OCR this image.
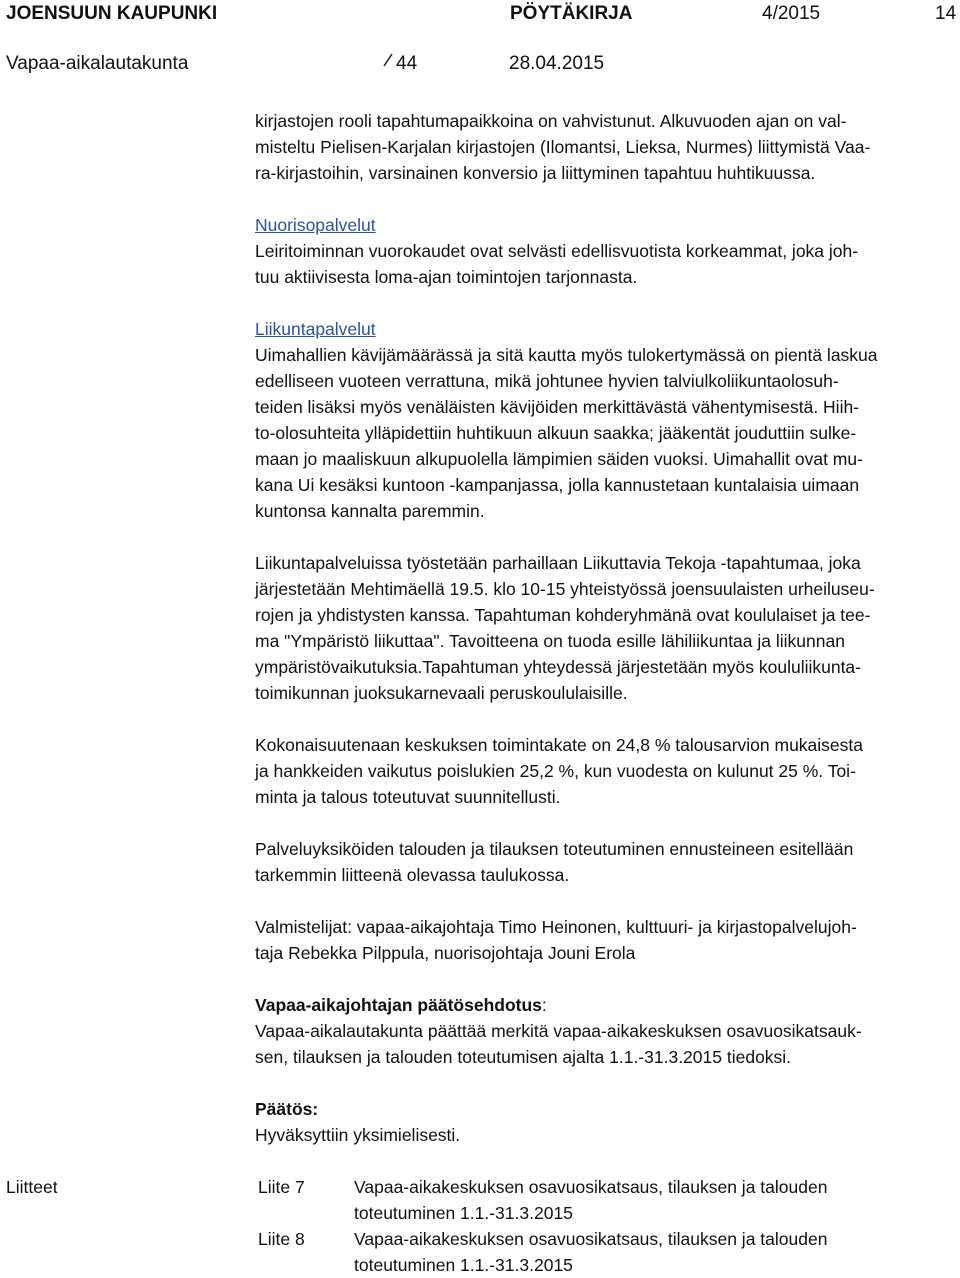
JOENSUUN KAUPUNKI	PÖYTÄKIRJA	4/2015	14
Vapaa-aikalautakunta	44	28.04.2015

kirjastojen rooli tapahtumapaikkoina on vahvistunut. Alkuvuoden ajan on val-
misteltu Pielisen-Karjalan kirjastojen (Ilomantsi, Lieksa, Nurmes) liittymistä Vaa-
ra-kirjastoihin, varsinainen konversio ja liittyminen tapahtuu huhtikuussa.

Nuorisopalvelut
Leiritoiminnan vuorokaudet ovat selvästi edellisvuotista korkeammat, joka joh-
tuu aktiivisesta loma-ajan toimintojen tarjonnasta.

Liikuntapalvelut
Uimahallien kävijämäärässä ja sitä kautta myös tulokertymässä on pientä laskua
edelliseen vuoteen verrattuna, mikä johtunee hyvien talviulkoliikuntaolosuh-
teiden lisäksi myös venäläisten kävijöiden merkittävästä vähentymisestä. Hiih-
to-olosuhteita ylläpidettiin huhtikuun alkuun saakka; jääkentät jouduttiin sulke-
maan jo maaliskuun alkupuolella lämpimien säiden vuoksi. Uimahallit ovat mu-
kana Ui kesäksi kuntoon -kampanjassa, jolla kannustetaan kuntalaisia uimaan
kuntonsa kannalta paremmin.

Liikuntapalveluissa työstetään parhaillaan Liikuttavia Tekoja -tapahtumaa, joka
järjestetään Mehtimäellä 19.5. klo 10-15 yhteistyössä joensuulaisten urheiluseu-
rojen ja yhdistysten kanssa. Tapahtuman kohderyhmänä ovat koululaiset ja tee-
ma "Ympäristö liikuttaa". Tavoitteena on tuoda esille lähiliikuntaa ja liikunnan
ympäristövaikutuksia.Tapahtuman yhteydessä järjestetään myös koululiikunta-
toimikunnan juoksukarnevaali peruskoululaisille.

Kokonaisuutenaan keskuksen toimintakate on 24,8 % talousarvion mukaisesta
ja hankkeiden vaikutus poislukien 25,2 %, kun vuodesta on kulunut 25 %. Toi-
minta ja talous toteutuvat suunnitellusti.

Palveluyksiköiden talouden ja tilauksen toteutuminen ennusteineen esitellään
tarkemmin liitteenä olevassa taulukossa.

Valmistelijat: vapaa-aikajohtaja Timo Heinonen, kulttuuri- ja kirjastopalvelujoh-
taja Rebekka Pilppula, nuorisojohtaja Jouni Erola

Vapaa-aikajohtajan päätösehdotus:
Vapaa-aikalautakunta päättää merkitä vapaa-aikakeskuksen osavuosikatsauk-
sen, tilauksen ja talouden toteutumisen ajalta 1.1.-31.3.2015 tiedoksi.

Päätös:
Hyväksyttiin yksimielisesti.

Liitteet	Liite 7	Vapaa-aikakeskuksen osavuosikatsaus, tilauksen ja talouden
toteutuminen 1.1.-31.3.2015
Liite 8	Vapaa-aikakeskuksen osavuosikatsaus, tilauksen ja talouden
toteutuminen 1.1.-31.3.2015
